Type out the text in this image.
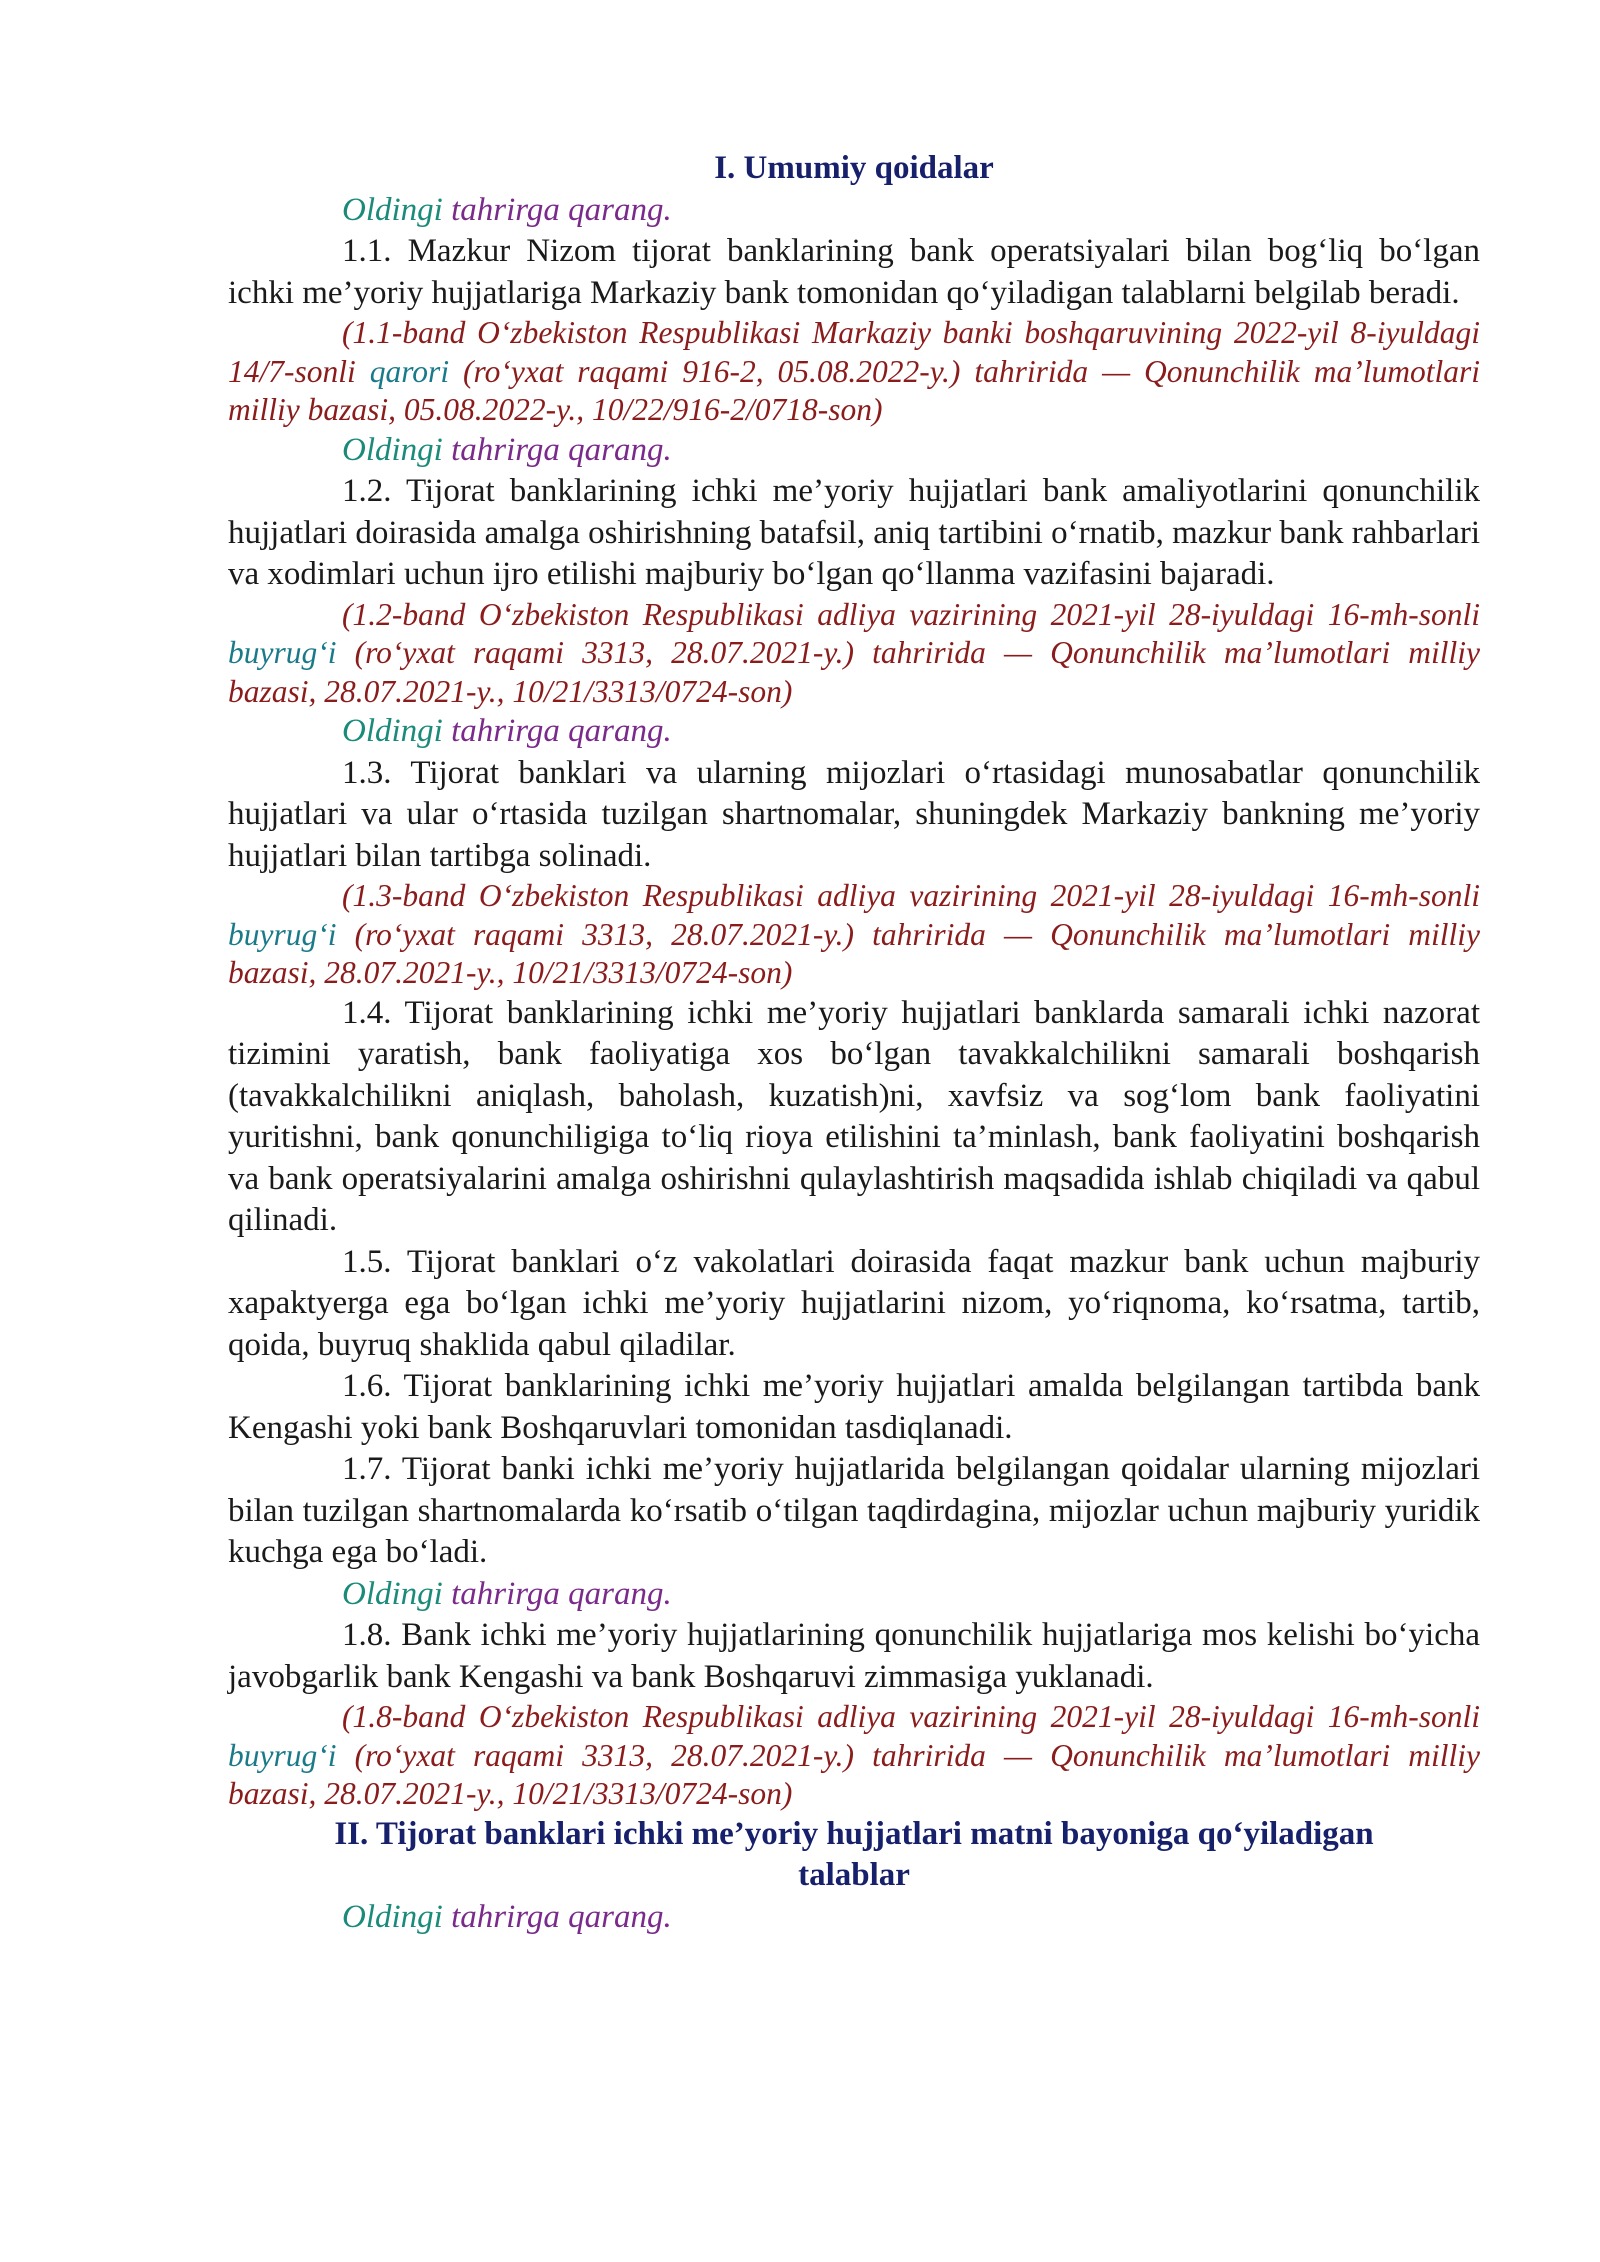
I. Umumiy qoidalar

Oldingi tahrirga qarang.

1.1. Mazkur Nizom tijorat banklarining bank operatsiyalari bilan bog‘liq bo‘lgan ichki me’yoriy hujjatlariga Markaziy bank tomonidan qo‘yiladigan talablarni belgilab beradi.

(1.1-band O‘zbekiston Respublikasi Markaziy banki boshqaruvining 2022-yil 8-iyuldagi 14/7-sonli qarori (ro‘yxat raqami 916-2, 05.08.2022-y.) tahririda — Qonunchilik ma’lumotlari milliy bazasi, 05.08.2022-y., 10/22/916-2/0718-son)

Oldingi tahrirga qarang.

1.2. Tijorat banklarining ichki me’yoriy hujjatlari bank amaliyotlarini qonunchilik hujjatlari doirasida amalga oshirishning batafsil, aniq tartibini o‘rnatib, mazkur bank rahbarlari va xodimlari uchun ijro etilishi majburiy bo‘lgan qo‘llanma vazifasini bajaradi.

(1.2-band O‘zbekiston Respublikasi adliya vazirining 2021-yil 28-iyuldagi 16-mh-sonli buyrug‘i (ro‘yxat raqami 3313, 28.07.2021-y.) tahririda — Qonunchilik ma’lumotlari milliy bazasi, 28.07.2021-y., 10/21/3313/0724-son)

Oldingi tahrirga qarang.

1.3. Tijorat banklari va ularning mijozlari o‘rtasidagi munosabatlar qonunchilik hujjatlari va ular o‘rtasida tuzilgan shartnomalar, shuningdek Markaziy bankning me’yoriy hujjatlari bilan tartibga solinadi.

(1.3-band O‘zbekiston Respublikasi adliya vazirining 2021-yil 28-iyuldagi 16-mh-sonli buyrug‘i (ro‘yxat raqami 3313, 28.07.2021-y.) tahririda — Qonunchilik ma’lumotlari milliy bazasi, 28.07.2021-y., 10/21/3313/0724-son)

1.4. Tijorat banklarining ichki me’yoriy hujjatlari banklarda samarali ichki nazorat tizimini yaratish, bank faoliyatiga xos bo‘lgan tavakkalchilikni samarali boshqarish (tavakkalchilikni aniqlash, baholash, kuzatish)ni, xavfsiz va sog‘lom bank faoliyatini yuritishni, bank qonunchiligiga to‘liq rioya etilishini ta’minlash, bank faoliyatini boshqarish va bank operatsiyalarini amalga oshirishni qulaylashtirish maqsadida ishlab chiqiladi va qabul qilinadi.

1.5. Tijorat banklari o‘z vakolatlari doirasida faqat mazkur bank uchun majburiy xapaktyerga ega bo‘lgan ichki me’yoriy hujjatlarini nizom, yo‘riqnoma, ko‘rsatma, tartib, qoida, buyruq shaklida qabul qiladilar.

1.6. Tijorat banklarining ichki me’yoriy hujjatlari amalda belgilangan tartibda bank Kengashi yoki bank Boshqaruvlari tomonidan tasdiqlanadi.

1.7. Tijorat banki ichki me’yoriy hujjatlarida belgilangan qoidalar ularning mijozlari bilan tuzilgan shartnomalarda ko‘rsatib o‘tilgan taqdirdagina, mijozlar uchun majburiy yuridik kuchga ega bo‘ladi.

Oldingi tahrirga qarang.

1.8. Bank ichki me’yoriy hujjatlarining qonunchilik hujjatlariga mos kelishi bo‘yicha javobgarlik bank Kengashi va bank Boshqaruvi zimmasiga yuklanadi.

(1.8-band O‘zbekiston Respublikasi adliya vazirining 2021-yil 28-iyuldagi 16-mh-sonli buyrug‘i (ro‘yxat raqami 3313, 28.07.2021-y.) tahririda — Qonunchilik ma’lumotlari milliy bazasi, 28.07.2021-y., 10/21/3313/0724-son)

II. Tijorat banklari ichki me’yoriy hujjatlari matni bayoniga qo‘yiladigan
talablar

Oldingi tahrirga qarang.
